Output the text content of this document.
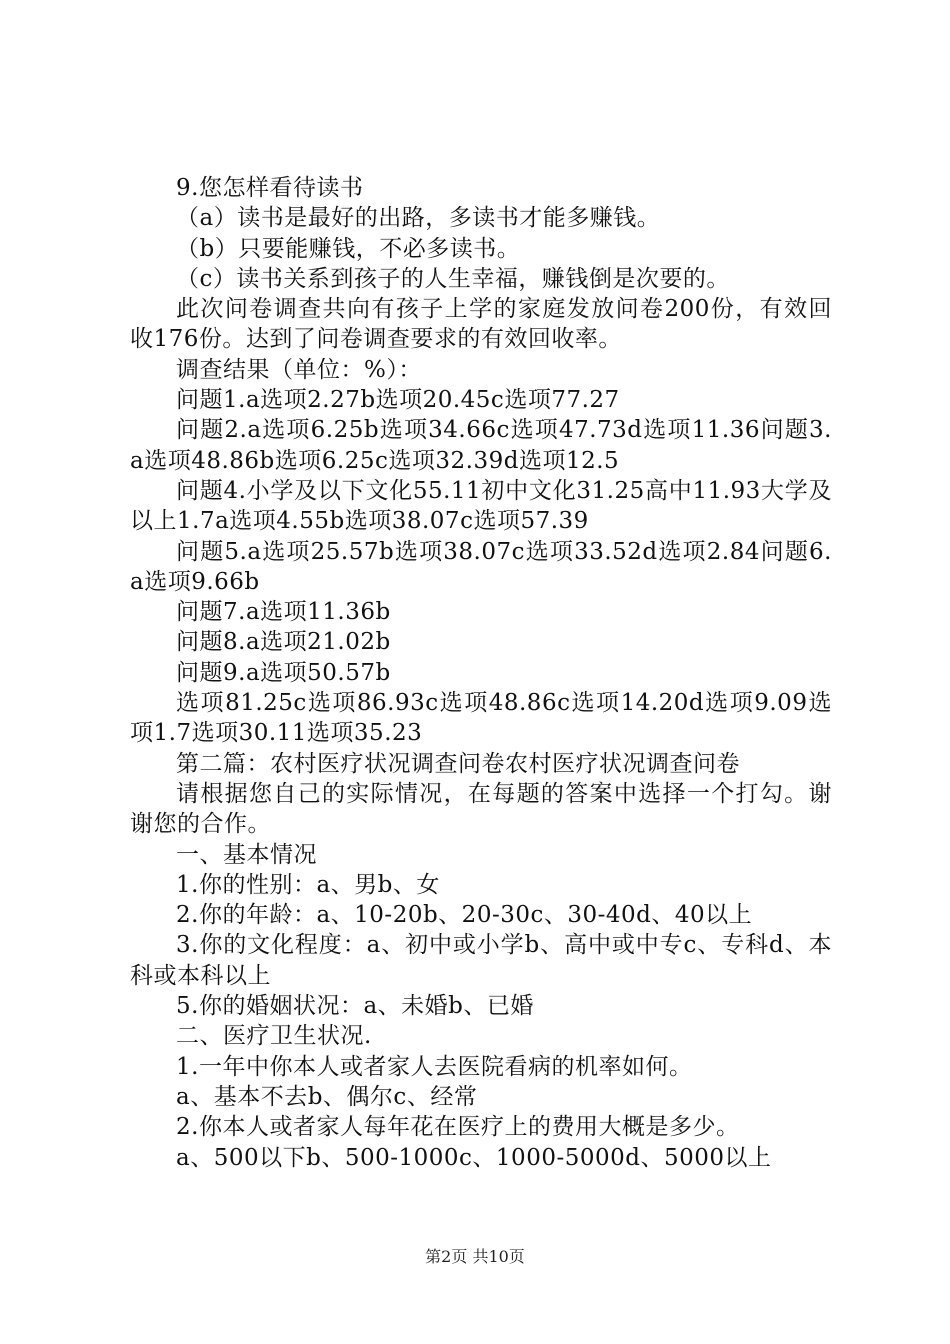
9.您怎样看待读书

（a）读书是最好的出路，多读书才能多赚钱。

（b）只要能赚钱，不必多读书。

（c）读书关系到孩子的人生幸福，赚钱倒是次要的。

此次问卷调查共向有孩子上学的家庭发放问卷200份，有效回收176份。达到了问卷调查要求的有效回收率。

调查结果（单位：%）：

问题1.a选项2.27b选项20.45c选项77.27

问题2.a选项6.25b选项34.66c选项47.73d选项11.36问题3.a选项48.86b选项6.25c选项32.39d选项12.5

问题4.小学及以下文化55.11初中文化31.25高中11.93大学及以上1.7a选项4.55b选项38.07c选项57.39

问题5.a选项25.57b选项38.07c选项33.52d选项2.84问题6.a选项9.66b

问题7.a选项11.36b

问题8.a选项21.02b

问题9.a选项50.57b

选项81.25c选项86.93c选项48.86c选项14.20d选项9.09选项1.7选项30.11选项35.23

第二篇：农村医疗状况调查问卷农村医疗状况调查问卷

请根据您自己的实际情况，在每题的答案中选择一个打勾。谢谢您的合作。

一、基本情况

1.你的性别：a、男b、女

2.你的年龄：a、10-20b、20-30c、30-40d、40以上

3.你的文化程度：a、初中或小学b、高中或中专c、专科d、本科或本科以上

5.你的婚姻状况：a、未婚b、已婚

二、医疗卫生状况.

1.一年中你本人或者家人去医院看病的机率如何。

a、基本不去b、偶尔c、经常

2.你本人或者家人每年花在医疗上的费用大概是多少。

a、500以下b、500-1000c、1000-5000d、5000以上

第2页 共10页
